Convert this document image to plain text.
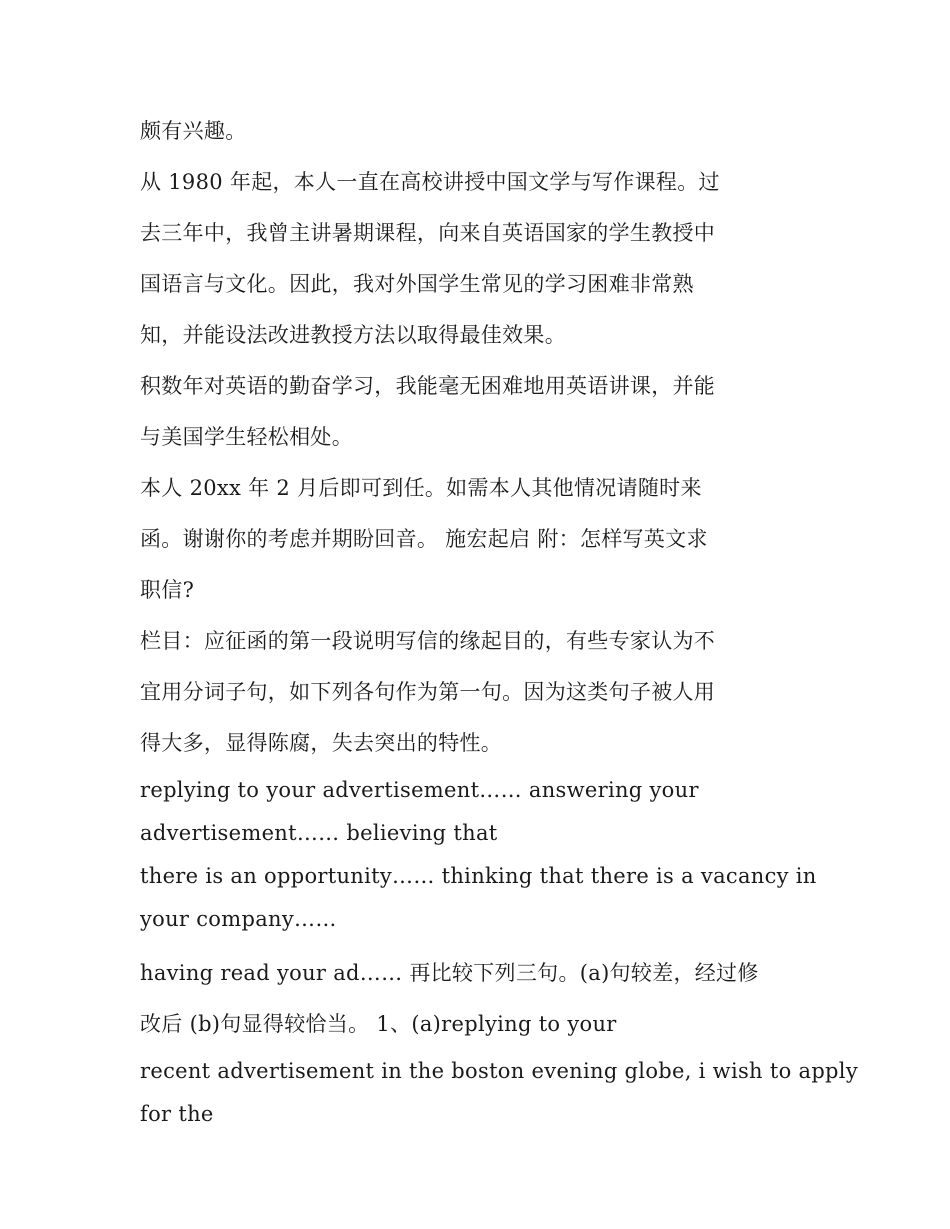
颇有兴趣。
从 1980 年起，本人一直在高校讲授中国文学与写作课程。过
去三年中，我曾主讲暑期课程，向来自英语国家的学生教授中
国语言与文化。因此，我对外国学生常见的学习困难非常熟
知，并能设法改进教授方法以取得最佳效果。
积数年对英语的勤奋学习，我能毫无困难地用英语讲课，并能
与美国学生轻松相处。
本人 20xx 年 2 月后即可到任。如需本人其他情况请随时来
函。谢谢你的考虑并期盼回音。 施宏起启 附：怎样写英文求
职信?
栏目：应征函的第一段说明写信的缘起目的，有些专家认为不
宜用分词子句，如下列各句作为第一句。因为这类句子被人用
得大多，显得陈腐，失去突出的特性。
replying to your advertisement…… answering your
advertisement…… believing that
there is an opportunity…… thinking that there is a vacancy in
your company……
having read your ad…… 再比较下列三句。(a)句较差，经过修
改后 (b)句显得较恰当。 1、(a)replying to your
recent advertisement in the boston evening globe, i wish to apply
for the
